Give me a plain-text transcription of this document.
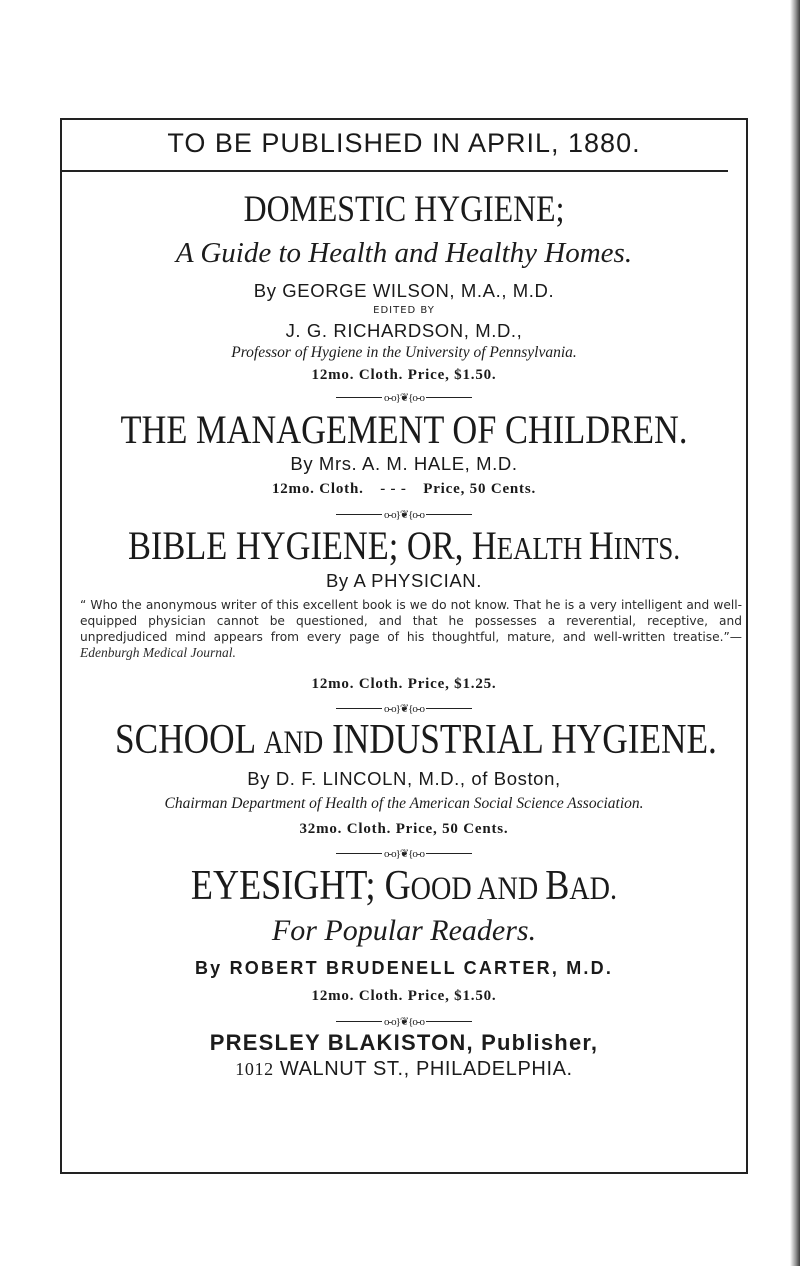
TO BE PUBLISHED IN APRIL, 1880.
DOMESTIC HYGIENE;
A Guide to Health and Healthy Homes.
By GEORGE WILSON, M.A., M.D.
EDITED BY
J. G. RICHARDSON, M.D.,
Professor of Hygiene in the University of Pennsylvania.
12mo. Cloth. Price, $1.50.
o-o}❦{o-o
THE MANAGEMENT OF CHILDREN.
By Mrs. A. M. HALE, M.D.
12mo. Cloth. - - - Price, 50 Cents.
o-o}❦{o-o
BIBLE HYGIENE; OR, HEALTH HINTS.
By A PHYSICIAN.
“ Who the anonymous writer of this excellent book is we do not know. That he is a very intelligent and well-equipped physician cannot be questioned, and that he possesses a reverential, receptive, and unpredjudiced mind appears from every page of his thoughtful, mature, and well-written treatise.”—Edenburgh Medical Journal.
12mo. Cloth. Price, $1.25.
o-o}❦{o-o
SCHOOL AND INDUSTRIAL HYGIENE.
By D. F. LINCOLN, M.D., of Boston,
Chairman Department of Health of the American Social Science Association.
32mo. Cloth. Price, 50 Cents.
o-o}❦{o-o
EYESIGHT; GOOD AND BAD.
For Popular Readers.
By ROBERT BRUDENELL CARTER, M.D.
12mo. Cloth. Price, $1.50.
o-o}❦{o-o
PRESLEY BLAKISTON, Publisher,
1012 WALNUT ST., PHILADELPHIA.
